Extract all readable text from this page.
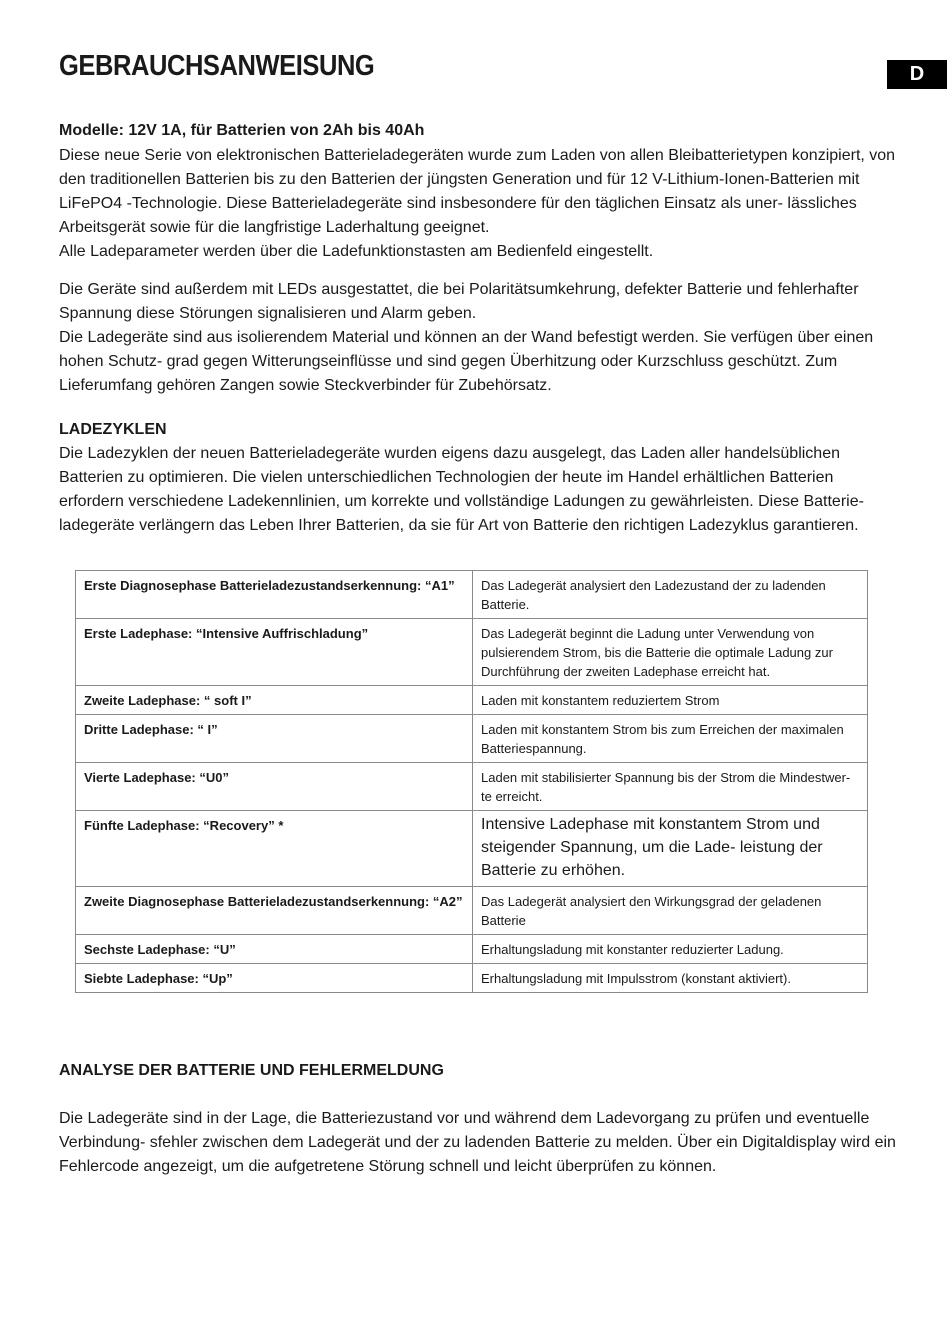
GEBRAUCHSANWEISUNG	D
Modelle: 12V 1A, für Batterien von 2Ah bis 40Ah

Diese neue Serie von elektronischen Batterieladegeräten wurde zum Laden von allen Bleibatterietypen konzipiert, von den traditionellen Batterien bis zu den Batterien der jüngsten Generation und für 12 V-Lithium-Ionen-Batterien mit LiFePO4 -Technologie. Diese Batterieladegeräte sind insbesondere für den täglichen Einsatz als uner- lässliches Arbeitsgerät sowie für die langfristige Laderhaltung geeignet.

Alle Ladeparameter werden über die Ladefunktionstasten am Bedienfeld eingestellt.

Die Geräte sind außerdem mit LEDs ausgestattet, die bei Polaritätsumkehrung, defekter Batterie und fehlerhafter Spannung diese Störungen signalisieren und Alarm geben.

Die Ladegeräte sind aus isolierendem Material und können an der Wand befestigt werden. Sie verfügen über einen hohen Schutz- grad gegen Witterungseinflüsse und sind gegen Überhitzung oder Kurzschluss geschützt. Zum Lieferumfang gehören Zangen sowie Steckverbinder für Zubehörsatz.

LADEZYKLEN
Die Ladezyklen der neuen Batterieladegeräte wurden eigens dazu ausgelegt, das Laden aller handelsüblichen Batterien zu optimieren. Die vielen unterschiedlichen Technologien der heute im Handel erhältlichen Batterien erfordern verschiedene Ladekennlinien, um korrekte und vollständige Ladungen zu gewährleisten. Diese Batterie- ladegeräte verlängern das Leben Ihrer Batterien, da sie für Art von Batterie den richtigen Ladezyklus garantieren.
Erste Diagnosephase Batterieladezustandserkennung: “A1”	Das Ladegerät analysiert den Ladezustand der zu ladenden Batterie.
Erste Ladephase: “Intensive Auffrischladung”	Das Ladegerät beginnt die Ladung unter Verwendung von pulsierendem Strom, bis die Batterie die optimale Ladung zur Durchführung der zweiten Ladephase erreicht hat.
Zweite Ladephase: “ soft I”	Laden mit konstantem reduziertem Strom
Dritte Ladephase: “ I”	Laden mit konstantem Strom bis zum Erreichen der maximalen Batteriespannung.
Vierte Ladephase: “U0”	Laden mit stabilisierter Spannung bis der Strom die Mindestwer- te erreicht.
Fünfte Ladephase: “Recovery” *	Intensive Ladephase mit konstantem Strom und steigender Spannung, um die Lade- leistung der Batterie zu erhöhen.
Zweite Diagnosephase Batterieladezustandserkennung: “A2”	Das Ladegerät analysiert den Wirkungsgrad der geladenen Batterie
Sechste Ladephase: “U”	Erhaltungsladung mit konstanter reduzierter Ladung.
Siebte Ladephase: “Up”	Erhaltungsladung mit Impulsstrom (konstant aktiviert).
ANALYSE DER BATTERIE UND FEHLERMELDUNG
Die Ladegeräte sind in der Lage, die Batteriezustand vor und während dem Ladevorgang zu prüfen und eventuelle Verbindung- sfehler zwischen dem Ladegerät und der zu ladenden Batterie zu melden. Über ein Digitaldisplay wird ein Fehlercode angezeigt, um die aufgetretene Störung schnell und leicht überprüfen zu können.
